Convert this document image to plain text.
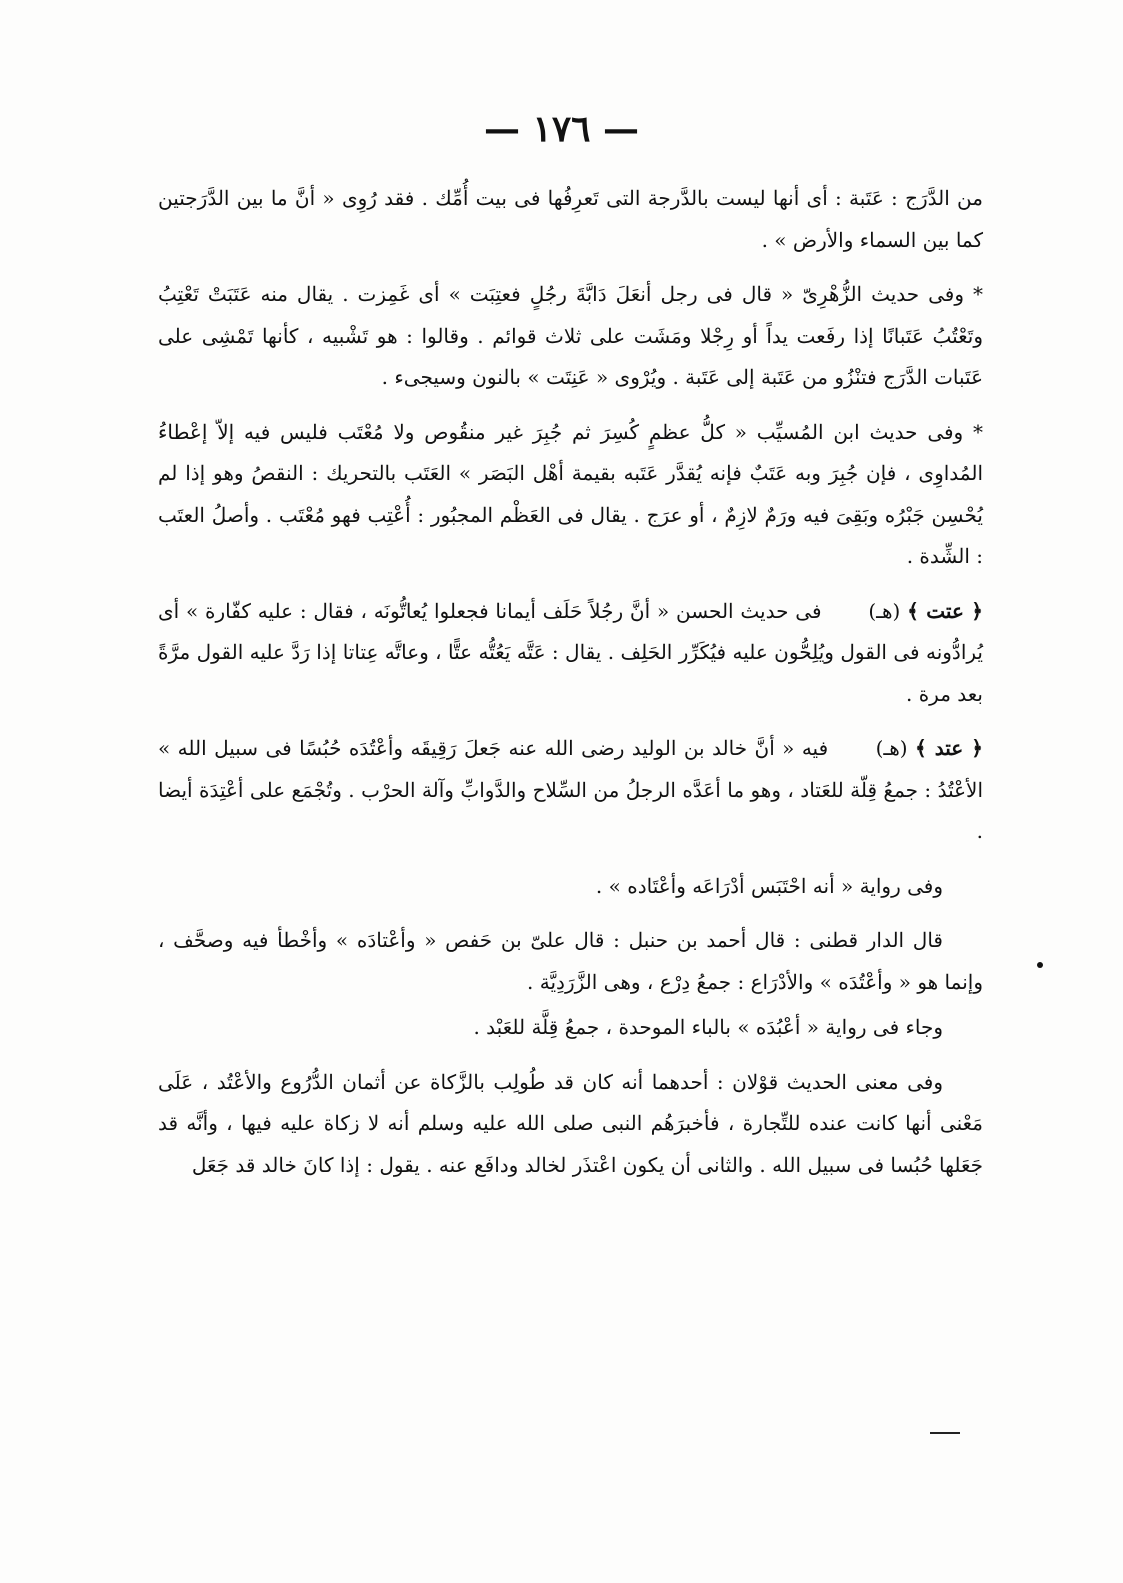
— ١٧٦ —

من الدَّرَج : عَتَبة : أى أنها ليست بالدَّرجة التى تَعرِفُها فى بيت أُمِّك . فقد رُوِى « أنَّ ما بين الدَّرَجتين كما بين السماء والأرض » .

* وفى حديث الزُّهْرِىّ « قال فى رجل أنعَلَ دَابَّةَ رجُلٍ فعتِبَت » أى غَمِزت . يقال منه عَتَبَتْ تَعْتِبُ وتَعْتُبُ عَتَبانًا إذا رفَعت يداً أو رِجْلا ومَشَت على ثلاث قوائم . وقالوا : هو تَشْبيه ، كأنها تَمْشِى على عَتَبات الدَّرَج فتنْزُو من عَتَبة إلى عَتَبة . ويُرْوى « عَنِتَت » بالنون وسيجىء .

* وفى حديث ابن المُسيِّب « كلُّ عظمٍ كُسِرَ ثم جُبِرَ غير منقُوص ولا مُعْتَب فليس فيه إلاّ إعْطاءُ المُداوِى ، فإن جُبِرَ وبه عَتَبٌ فإنه يُقدَّر عَتَبه بقيمة أهْل البَصَر » العَتَب بالتحريك : النقصُ وهو إذا لم يُحْسِن جَبْرُه وبَقِىَ فيه ورَمٌ لازِمٌ ، أو عرَج . يقال فى العَظْم المجبُور : أُعْتِب فهو مُعْتَب . وأصلُ العتَب : الشِّدة .

﴿ عتت ﴾ (هـ) فى حديث الحسن « أنَّ رجُلاً حَلَف أيمانا فجعلوا يُعاتُّونَه ، فقال : عليه كفّارة » أى يُرادُّونه فى القول ويُلِحُّون عليه فيُكَرِّر الحَلِف . يقال : عَتَّه يَعُتُّه عتًّا ، وعاتَّه عِتاتا إذا رَدَّ عليه القول مرَّةً بعد مرة .

﴿ عتد ﴾ (هـ) فيه « أنَّ خالد بن الوليد رضى الله عنه جَعلَ رَقِيقَه وأعْتُدَه حُبُسًا فى سبيل الله » الأعْتُدُ : جمعُ قِلّة للعَتاد ، وهو ما أعَدَّه الرجلُ من السِّلاح والدَّوابِّ وآلة الحرْب . وتُجْمَع على أعْتِدَة أيضا .

وفى رواية « أنه احْتَبَس أدْرَاعَه وأعْتَاده » .

قال الدار قطنى : قال أحمد بن حنبل : قال علىّ بن حَفص « وأعْتادَه » وأخْطأ فيه وصحَّف ، وإنما هو « وأعْتُدَه » والأدْرَاع : جمعُ دِرْع ، وهى الزَّرَدِيَّة .

وجاء فى رواية « أعْبُدَه » بالباء الموحدة ، جمعُ قِلَّة للعَبْد .

وفى معنى الحديث قوْلان : أحدهما أنه كان قد طُولِب بالزَّكاة عن أثمان الدُّرُوع والأعْتُد ، عَلَى مَعْنى أنها كانت عنده للتِّجارة ، فأخبرَهُم النبى صلى الله عليه وسلم أنه لا زكاة عليه فيها ، وأنَّه قد جَعَلها حُبُسا فى سبيل الله . والثانى أن يكون اعْتذَر لخالد ودافَع عنه . يقول : إذا كانَ خالد قد جَعَل
